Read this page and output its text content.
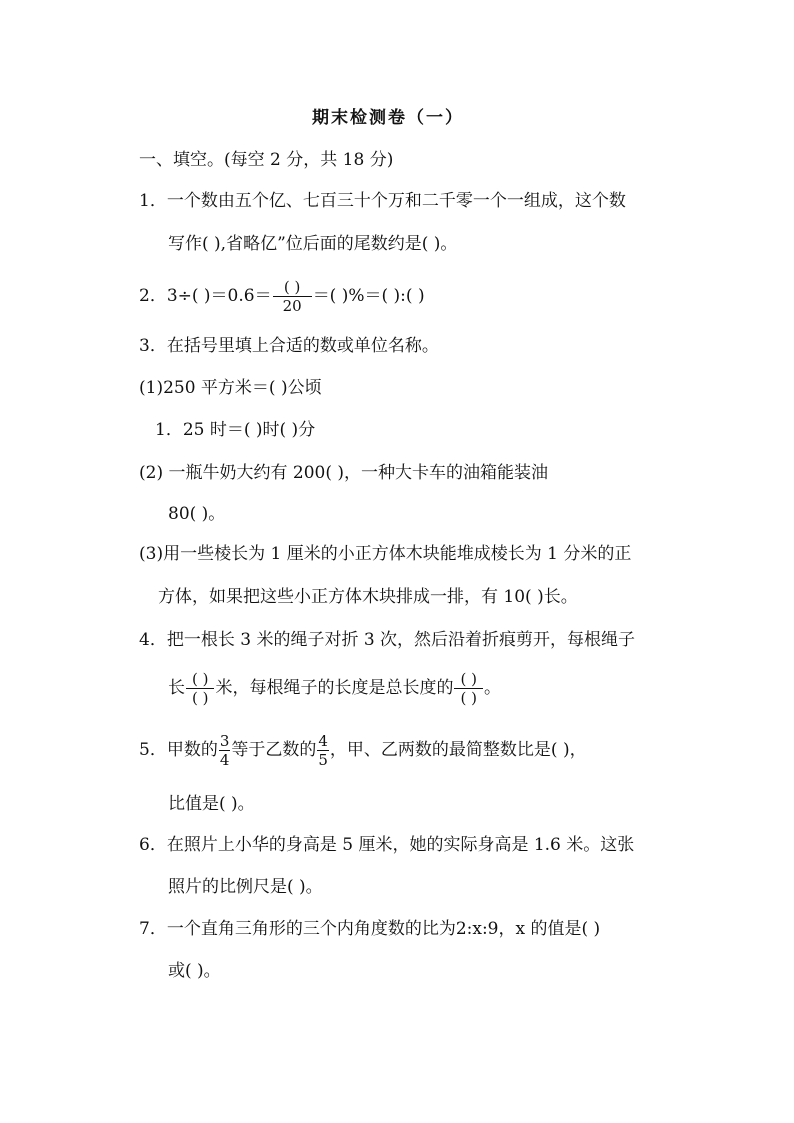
期末检测卷（一）
一、填空。(每空 2 分，共 18 分)
1．一个数由五个亿、七百三十个万和二千零一个一组成，这个数
写作( ),省略亿”位后面的尾数约是( )。
2．3÷( )$=0.6= \frac{( )}{20}$ ＝( )%＝( ):( )
3．在括号里填上合适的数或单位名称。
(1)250 平方米＝( )公顷
1．25 时＝( )时( )分
(2) 一瓶牛奶大约有 200( )，一种大卡车的油箱能装油
80( )。
(3)用一些棱长为 1 厘米的小正方体木块能堆成棱长为 1 分米的正
方体，如果把这些小正方体木块排成一排，有 10( )长。
4．把一根长 3 米的绳子对折 3 次，然后沿着折痕剪开，每根绳子
长 $\frac{( )}{( )}$ 米，每根绳子的长度是总长度的 $\frac{( )}{( )}$ 。
5．甲数的 $\frac{3}{4}$ 等于乙数的 $\frac{4}{5}$ ，甲、乙两数的最简整数比是( )，
比值是( )。
6．在照片上小华的身高是 5 厘米，她的实际身高是 1.6 米。这张
照片的比例尺是( )。
7．一个直角三角形的三个内角度数的比为2:x:9，x 的值是( )
或( )。
